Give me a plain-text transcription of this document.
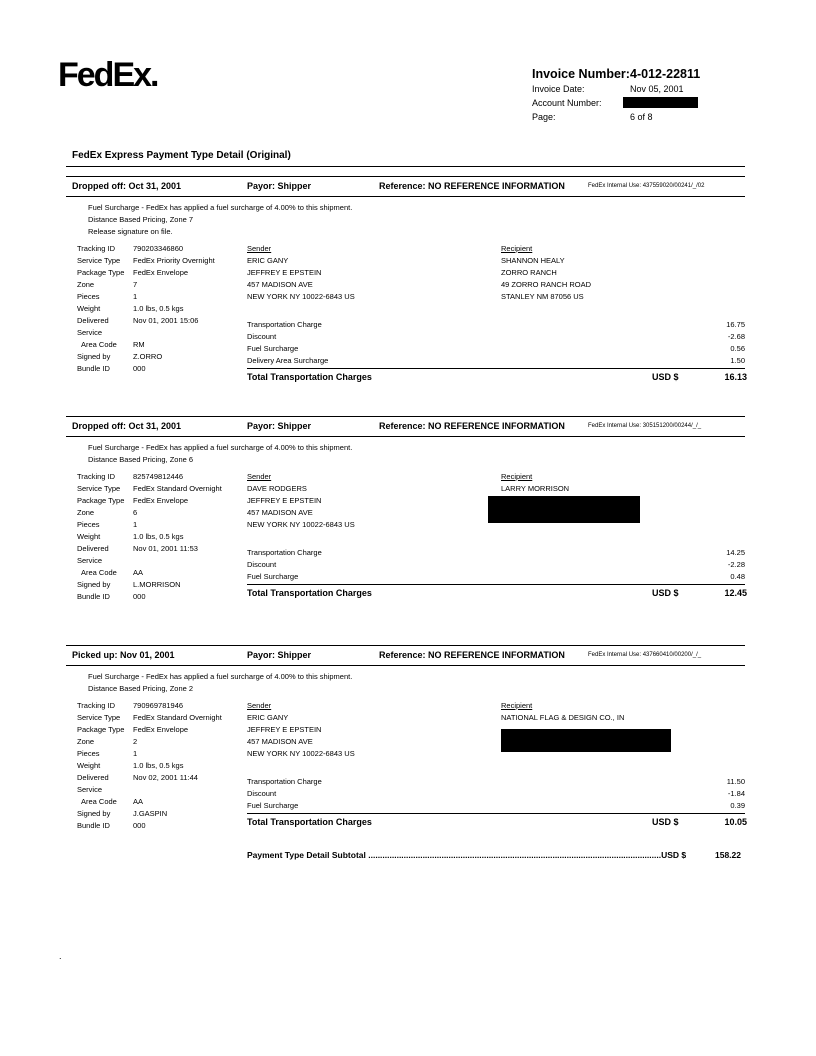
FedEx.	Invoice Number:4-012-22811
Invoice Date:	Nov 05, 2001
Account Number:
Page:	6 of 8
FedEx Express Payment Type Detail (Original)
Dropped off: Oct 31, 2001	Payor: Shipper	Reference: NO REFERENCE INFORMATION	FedEx Internal Use: 437559020/00241/_/02
Fuel Surcharge - FedEx has applied a fuel surcharge of 4.00% to this shipment.
Distance Based Pricing, Zone 7
Release signature on file.
Tracking ID 790203346860
Service Type FedEx Priority Overnight
Package Type FedEx Envelope
Zone	7
Pieces	1
Weight	1.0 lbs, 0.5 kgs
Delivered	Nov 01, 2001 15:06
Service
Area Code RM
Signed by	Z.ORRO
Bundle ID	000
Sender
ERIC GANY
JEFFREY E EPSTEIN
457 MADISON AVE
NEW YORK NY 10022-6843 US
Recipient
SHANNON HEALY
ZORRO RANCH
49 ZORRO RANCH ROAD
STANLEY NM 87056 US
Transportation Charge	16.75
Discount	-2.68
Fuel Surcharge	0.56
Delivery Area Surcharge	1.50
Total Transportation Charges	USD $	16.13
Dropped off: Oct 31, 2001	Payor: Shipper	Reference: NO REFERENCE INFORMATION	FedEx Internal Use: 305151200/00244/_/_
Fuel Surcharge - FedEx has applied a fuel surcharge of 4.00% to this shipment.
Distance Based Pricing, Zone 6
Tracking ID 825749812446
Service Type FedEx Standard Overnight
Package Type FedEx Envelope
Zone	6
Pieces	1
Weight	1.0 lbs, 0.5 kgs
Delivered	Nov 01, 2001 11:53
Service
Area Code AA
Signed by	L.MORRISON
Bundle ID	000
Sender
DAVE RODGERS
JEFFREY E EPSTEIN
457 MADISON AVE
NEW YORK NY 10022-6843 US
Recipient
LARRY MORRISON
Transportation Charge	14.25
Discount	-2.28
Fuel Surcharge	0.48
Total Transportation Charges	USD $	12.45
Picked up: Nov 01, 2001	Payor: Shipper	Reference: NO REFERENCE INFORMATION	FedEx Internal Use: 437660410/00200/_/_
Fuel Surcharge - FedEx has applied a fuel surcharge of 4.00% to this shipment.
Distance Based Pricing, Zone 2
Tracking ID 790969781946
Service Type FedEx Standard Overnight
Package Type FedEx Envelope
Zone	2
Pieces	1
Weight	1.0 lbs, 0.5 kgs
Delivered	Nov 02, 2001 11:44
Service
Area Code AA
Signed by	J.GASPIN
Bundle ID	000
Sender
ERIC GANY
JEFFREY E EPSTEIN
457 MADISON AVE
NEW YORK NY 10022-6843 US
Recipient
NATIONAL FLAG & DESIGN CO., IN
Transportation Charge	11.50
Discount	-1.84
Fuel Surcharge	0.39
Total Transportation Charges	USD $	10.05
Payment Type Detail Subtotal ............................................................................................................................USD $	158.22
.
